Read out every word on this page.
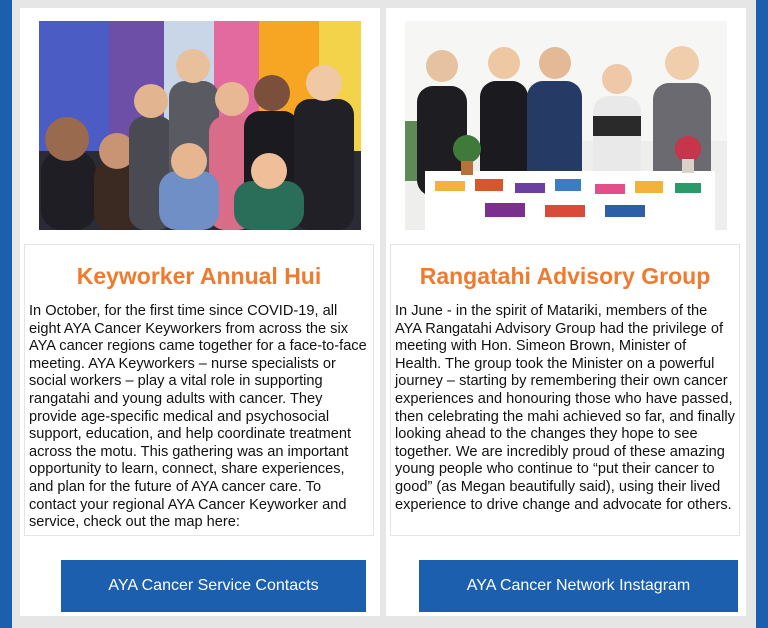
Keyworker Annual Hui

In October, for the first time since COVID-19, all eight AYA Cancer Keyworkers from across the six AYA cancer regions came together for a face-to-face meeting. AYA Keyworkers – nurse specialists or social workers – play a vital role in supporting rangatahi and young adults with cancer. They provide age-specific medical and psychosocial support, education, and help coordinate treatment across the motu. This gathering was an important opportunity to learn, connect, share experiences, and plan for the future of AYA cancer care. To contact your regional AYA Cancer Keyworker and service, check out the map here:

AYA Cancer Service Contacts
Rangatahi Advisory Group

In June - in the spirit of Matariki, members of the AYA Rangatahi Advisory Group had the privilege of meeting with Hon. Simeon Brown, Minister of Health. The group took the Minister on a powerful journey – starting by remembering their own cancer experiences and honouring those who have passed, then celebrating the mahi achieved so far, and finally looking ahead to the changes they hope to see together. We are incredibly proud of these amazing young people who continue to “put their cancer to good” (as Megan beautifully said), using their lived experience to drive change and advocate for others.

AYA Cancer Network Instagram
